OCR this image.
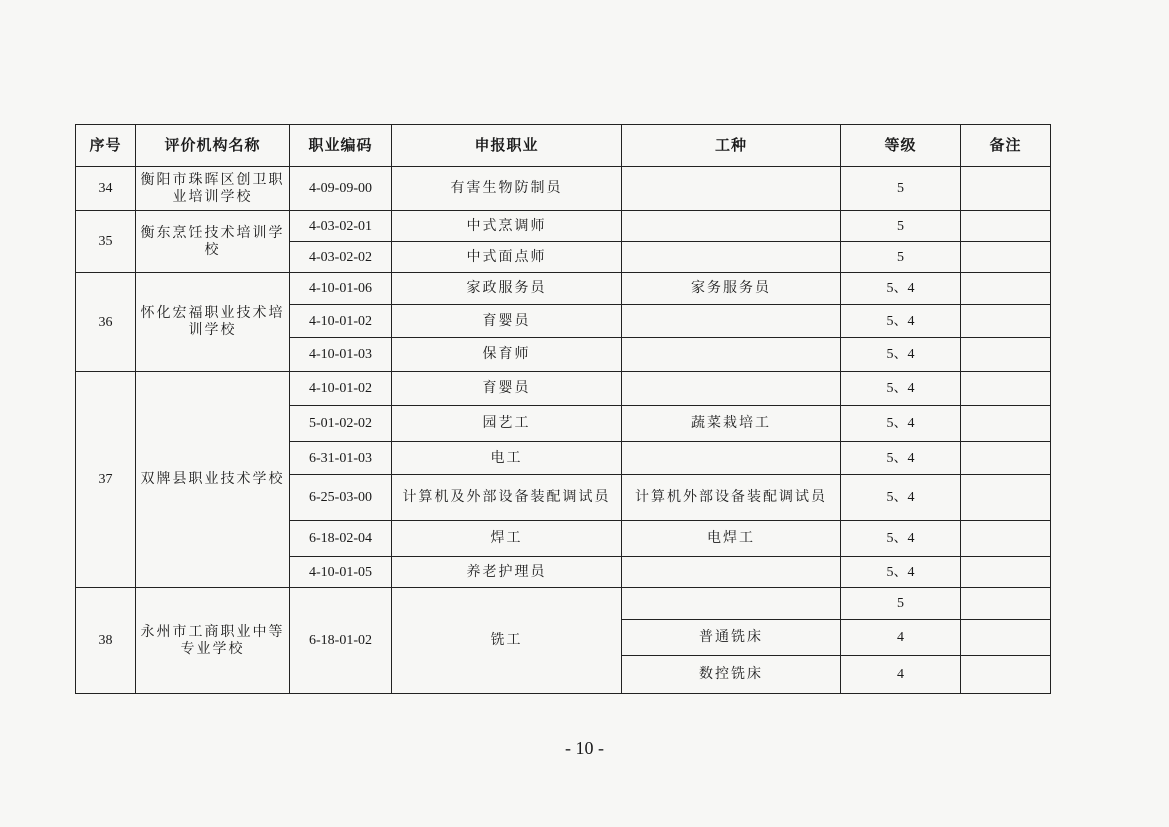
序号	评价机构名称	职业编码	申报职业	工种	等级	备注
34	衡阳市珠晖区创卫职业培训学校	4-09-09-00	有害生物防制员		5	
35	衡东烹饪技术培训学校	4-03-02-01	中式烹调师		5	
		4-03-02-02	中式面点师		5	
36	怀化宏福职业技术培训学校	4-10-01-06	家政服务员	家务服务员	5、4	
		4-10-01-02	育婴员		5、4	
		4-10-01-03	保育师		5、4	
37	双牌县职业技术学校	4-10-01-02	育婴员		5、4	
		5-01-02-02	园艺工	蔬菜栽培工	5、4	
		6-31-01-03	电工		5、4	
		6-25-03-00	计算机及外部设备装配调试员	计算机外部设备装配调试员	5、4	
		6-18-02-04	焊工	电焊工	5、4	
		4-10-01-05	养老护理员		5、4	
38	永州市工商职业中等专业学校	6-18-01-02	铣工		5	
				普通铣床	4	
				数控铣床	4	
- 10 -
